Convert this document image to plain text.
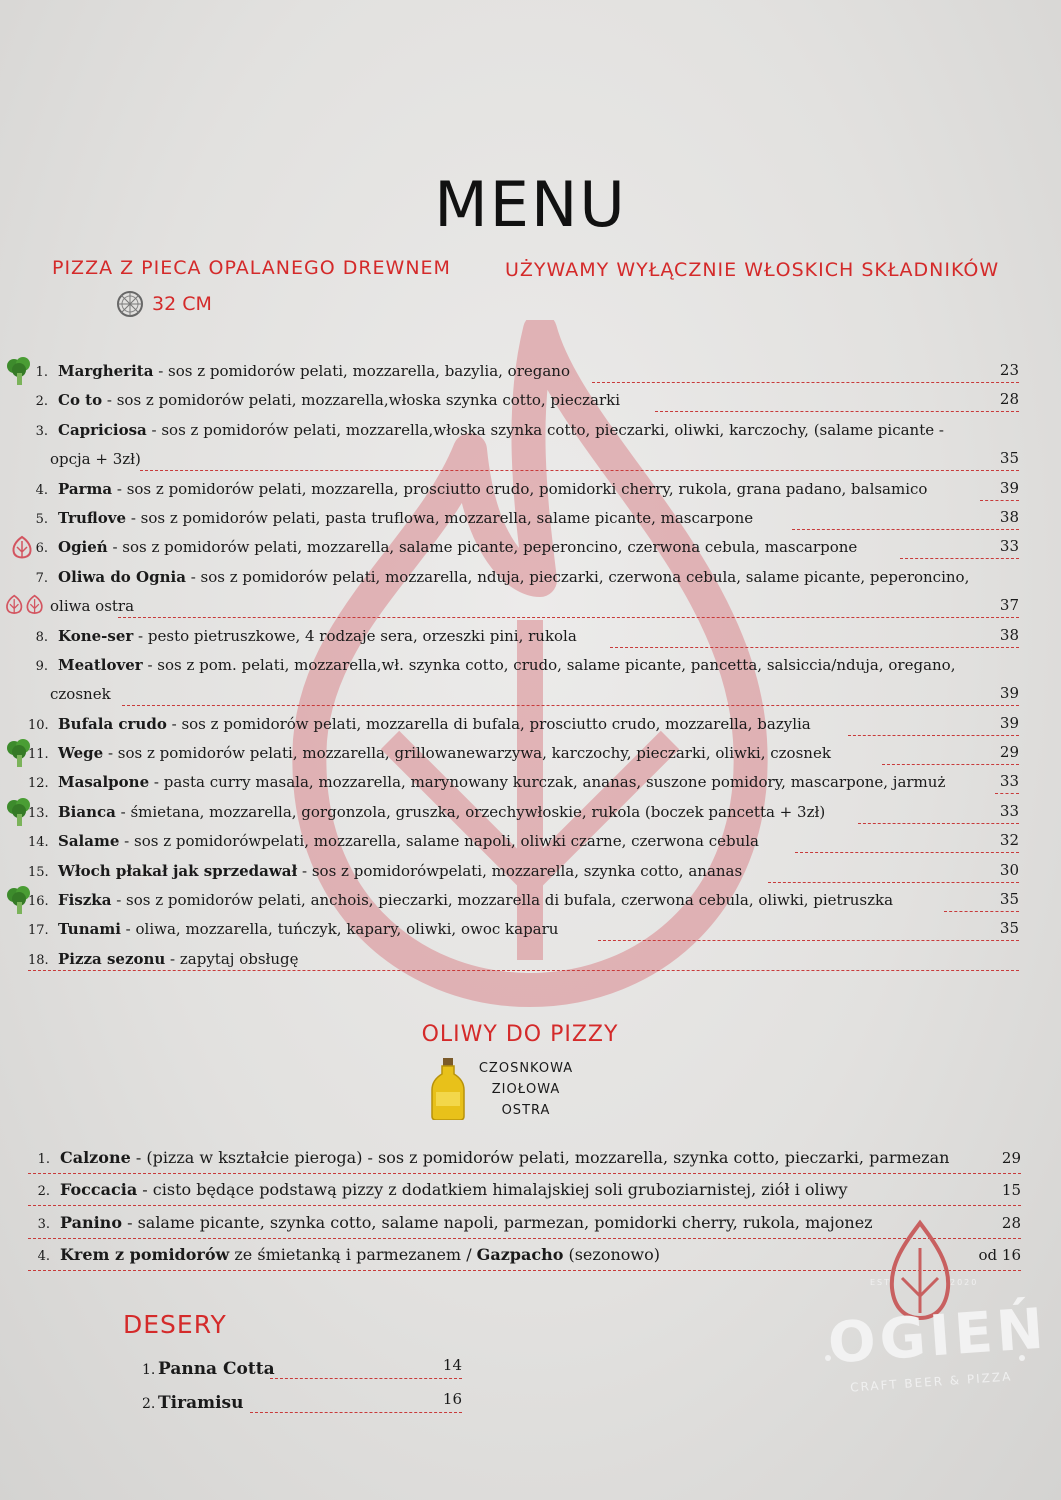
MENU
PIZZA Z PIECA OPALANEGO DREWNEM	UŻYWAMY WYŁĄCZNIE WŁOSKICH SKŁADNIKÓW
32 CM
1. Margherita - sos z pomidorów pelati, mozzarella, bazylia, oregano	23
2. Co to - sos z pomidorów pelati, mozzarella,włoska szynka cotto, pieczarki	28
3. Capriciosa - sos z pomidorów pelati, mozzarella,włoska szynka cotto, pieczarki, oliwki, karczochy, (salame picante -
opcja + 3zł)	35
4. Parma - sos z pomidorów pelati, mozzarella, prosciutto crudo, pomidorki cherry, rukola, grana padano, balsamico	39
5. Truflove - sos z pomidorów pelati, pasta truflowa, mozzarella, salame picante, mascarpone	38
6. Ogień - sos z pomidorów pelati, mozzarella, salame picante, peperoncino, czerwona cebula, mascarpone	33
7. Oliwa do Ognia - sos z pomidorów pelati, mozzarella, nduja, pieczarki, czerwona cebula, salame picante, peperoncino,
oliwa ostra	37
8. Kone-ser - pesto pietruszkowe, 4 rodzaje sera, orzeszki pini, rukola	38
9. Meatlover - sos z pom. pelati, mozzarella,wł. szynka cotto, crudo, salame picante, pancetta, salsiccia/nduja, oregano,
czosnek	39
10. Bufala crudo - sos z pomidorów pelati, mozzarella di bufala, prosciutto crudo, mozzarella, bazylia	39
11. Wege - sos z pomidorów pelati, mozzarella, grillowanewarzywa, karczochy, pieczarki, oliwki, czosnek	29
12. Masalpone - pasta curry masala, mozzarella, marynowany kurczak, ananas, suszone pomidory, mascarpone, jarmuż	33
13. Bianca - śmietana, mozzarella, gorgonzola, gruszka, orzechywłoskie, rukola (boczek pancetta + 3zł)	33
14. Salame - sos z pomidorówpelati, mozzarella, salame napoli, oliwki czarne, czerwona cebula	32
15. Włoch płakał jak sprzedawał - sos z pomidorówpelati, mozzarella, szynka cotto, ananas	30
16. Fiszka - sos z pomidorów pelati, anchois, pieczarki, mozzarella di bufala, czerwona cebula, oliwki, pietruszka	35
17. Tunami - oliwa, mozzarella, tuńczyk, kapary, oliwki, owoc kaparu	35
18. Pizza sezonu - zapytaj obsługę
OLIWY DO PIZZY
CZOSNKOWA
ZIOŁOWA
OSTRA
1. Calzone - (pizza w kształcie pieroga) - sos z pomidorów pelati, mozzarella, szynka cotto, pieczarki, parmezan	29
2. Foccacia - cisto będące podstawą pizzy z dodatkiem himalajskiej soli gruboziarnistej, ziół i oliwy	15
3. Panino - salame picante, szynka cotto, salame napoli, parmezan, pomidorki cherry, rukola, majonez	28
4. Krem z pomidorów ze śmietanką i parmezanem / Gazpacho (sezonowo)	od 16
DESERY
1. Panna Cotta	14
2. Tiramisu	16
EST	2020
OGIEŃ
CRAFT BEER & PIZZA
